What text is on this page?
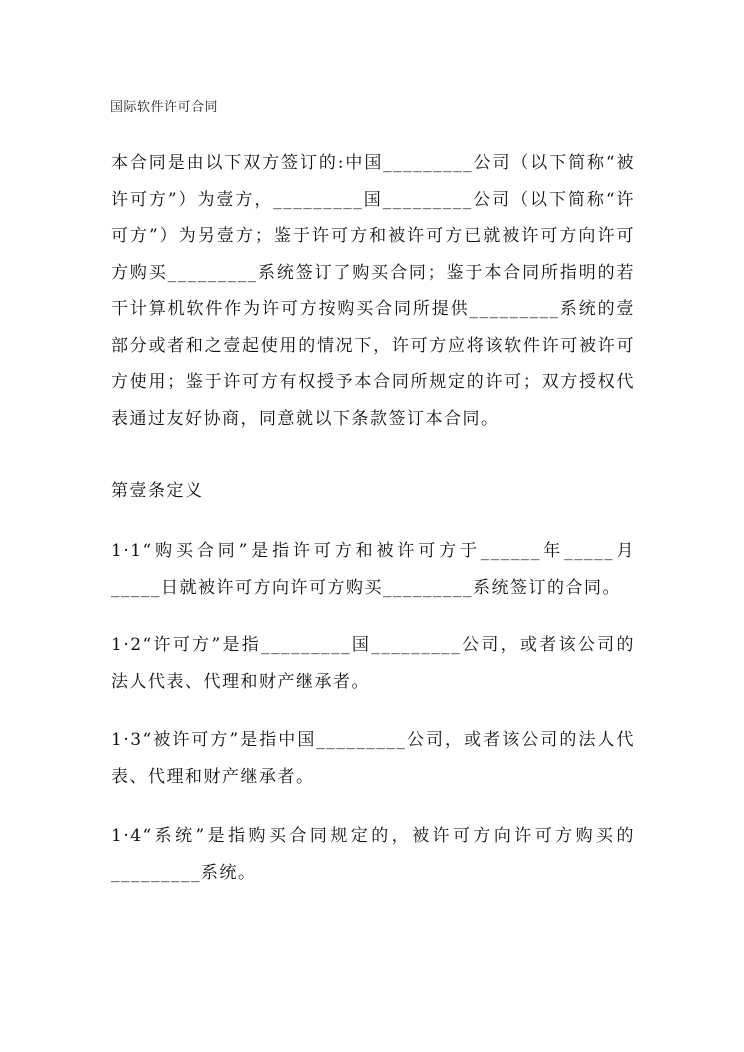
国际软件许可合同

本合同是由以下双方签订的:中国_________公司（以下简称“被许可方”）为壹方，_________国_________公司（以下简称“许可方”）为另壹方；鉴于许可方和被许可方已就被许可方向许可方购买_________系统签订了购买合同；鉴于本合同所指明的若干计算机软件作为许可方按购买合同所提供_________系统的壹部分或者和之壹起使用的情况下，许可方应将该软件许可被许可方使用；鉴于许可方有权授予本合同所规定的许可；双方授权代表通过友好协商，同意就以下条款签订本合同。

第壹条定义

1·1“购买合同”是指许可方和被许可方于______年_____月_____日就被许可方向许可方购买_________系统签订的合同。

1·2“许可方”是指_________国_________公司，或者该公司的法人代表、代理和财产继承者。

1·3“被许可方”是指中国_________公司，或者该公司的法人代表、代理和财产继承者。

1·4“系统”是指购买合同规定的，被许可方向许可方购买的_________系统。
